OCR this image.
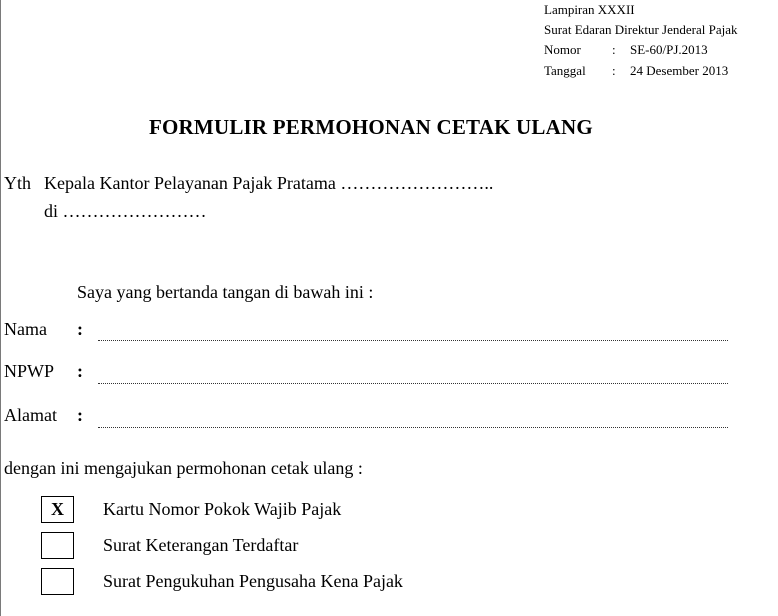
Lampiran XXXII
Surat Edaran Direktur Jenderal Pajak
Nomor : SE-60/PJ.2013
Tanggal : 24 Desember 2013
FORMULIR PERMOHONAN CETAK ULANG
Yth Kepala Kantor Pelayanan Pajak Pratama ……………………..
di ……………………
Saya yang bertanda tangan di bawah ini :
Nama :
NPWP :
Alamat :
dengan ini mengajukan permohonan cetak ulang :
X	Kartu Nomor Pokok Wajib Pajak
Surat Keterangan Terdaftar
Surat Pengukuhan Pengusaha Kena Pajak
